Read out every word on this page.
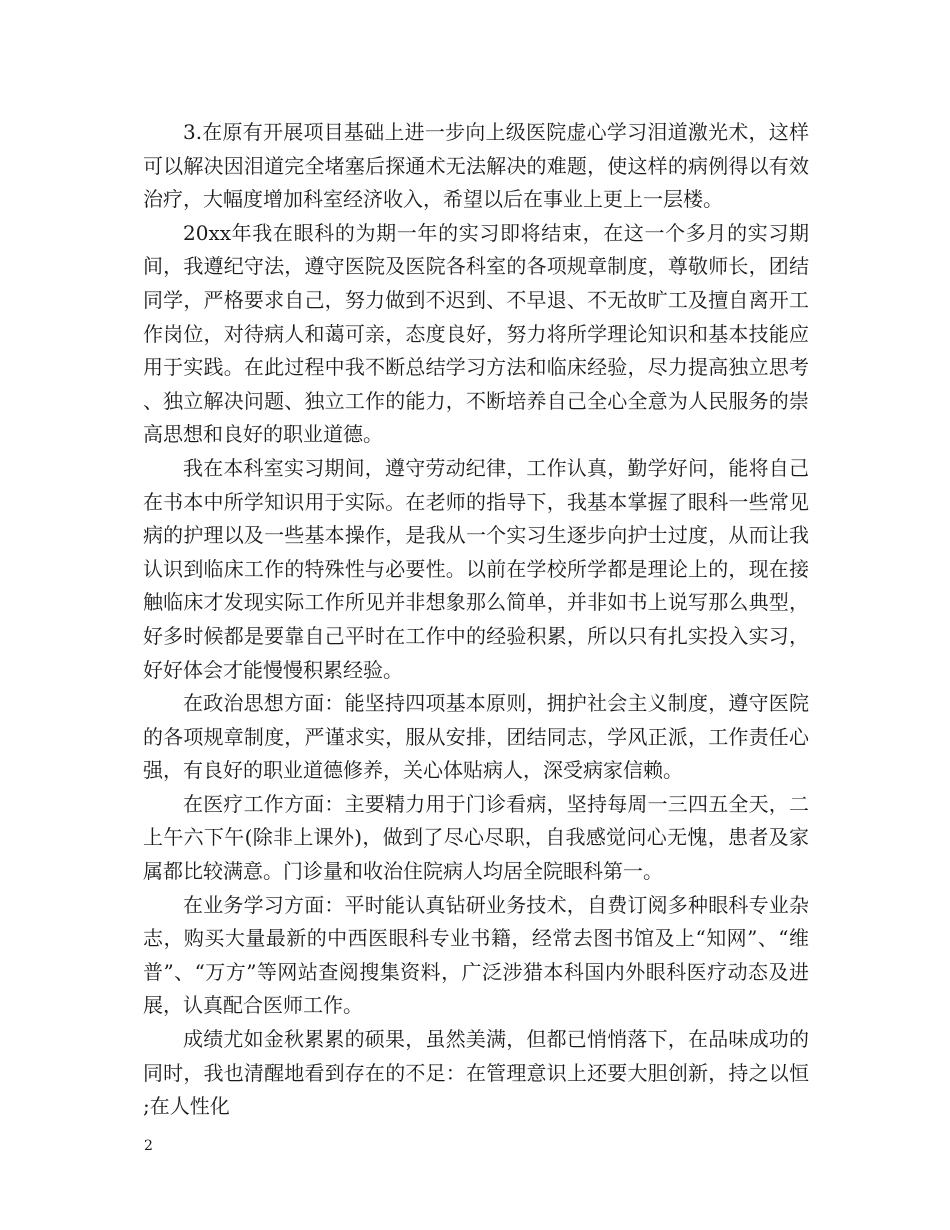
3.在原有开展项目基础上进一步向上级医院虚心学习泪道激光术，这样可以解决因泪道完全堵塞后探通术无法解决的难题，使这样的病例得以有效治疗，大幅度增加科室经济收入，希望以后在事业上更上一层楼。

20xx年我在眼科的为期一年的实习即将结束，在这一个多月的实习期间，我遵纪守法，遵守医院及医院各科室的各项规章制度，尊敬师长，团结同学，严格要求自己，努力做到不迟到、不早退、不无故旷工及擅自离开工作岗位，对待病人和蔼可亲，态度良好，努力将所学理论知识和基本技能应用于实践。在此过程中我不断总结学习方法和临床经验，尽力提高独立思考、独立解决问题、独立工作的能力，不断培养自己全心全意为人民服务的崇高思想和良好的职业道德。

我在本科室实习期间，遵守劳动纪律，工作认真，勤学好问，能将自己在书本中所学知识用于实际。在老师的指导下，我基本掌握了眼科一些常见病的护理以及一些基本操作，是我从一个实习生逐步向护士过度，从而让我认识到临床工作的特殊性与必要性。以前在学校所学都是理论上的，现在接触临床才发现实际工作所见并非想象那么简单，并非如书上说写那么典型，好多时候都是要靠自己平时在工作中的经验积累，所以只有扎实投入实习，好好体会才能慢慢积累经验。

在政治思想方面：能坚持四项基本原则，拥护社会主义制度，遵守医院的各项规章制度，严谨求实，服从安排，团结同志，学风正派，工作责任心强，有良好的职业道德修养，关心体贴病人，深受病家信赖。

在医疗工作方面：主要精力用于门诊看病，坚持每周一三四五全天，二上午六下午(除非上课外)，做到了尽心尽职，自我感觉问心无愧，患者及家属都比较满意。门诊量和收治住院病人均居全院眼科第一。

在业务学习方面：平时能认真钻研业务技术，自费订阅多种眼科专业杂志，购买大量最新的中西医眼科专业书籍，经常去图书馆及上“知网”、“维普”、“万方”等网站查阅搜集资料，广泛涉猎本科国内外眼科医疗动态及进展，认真配合医师工作。

成绩尤如金秋累累的硕果，虽然美满，但都已悄悄落下，在品味成功的同时，我也清醒地看到存在的不足：在管理意识上还要大胆创新，持之以恒;在人性化

2
